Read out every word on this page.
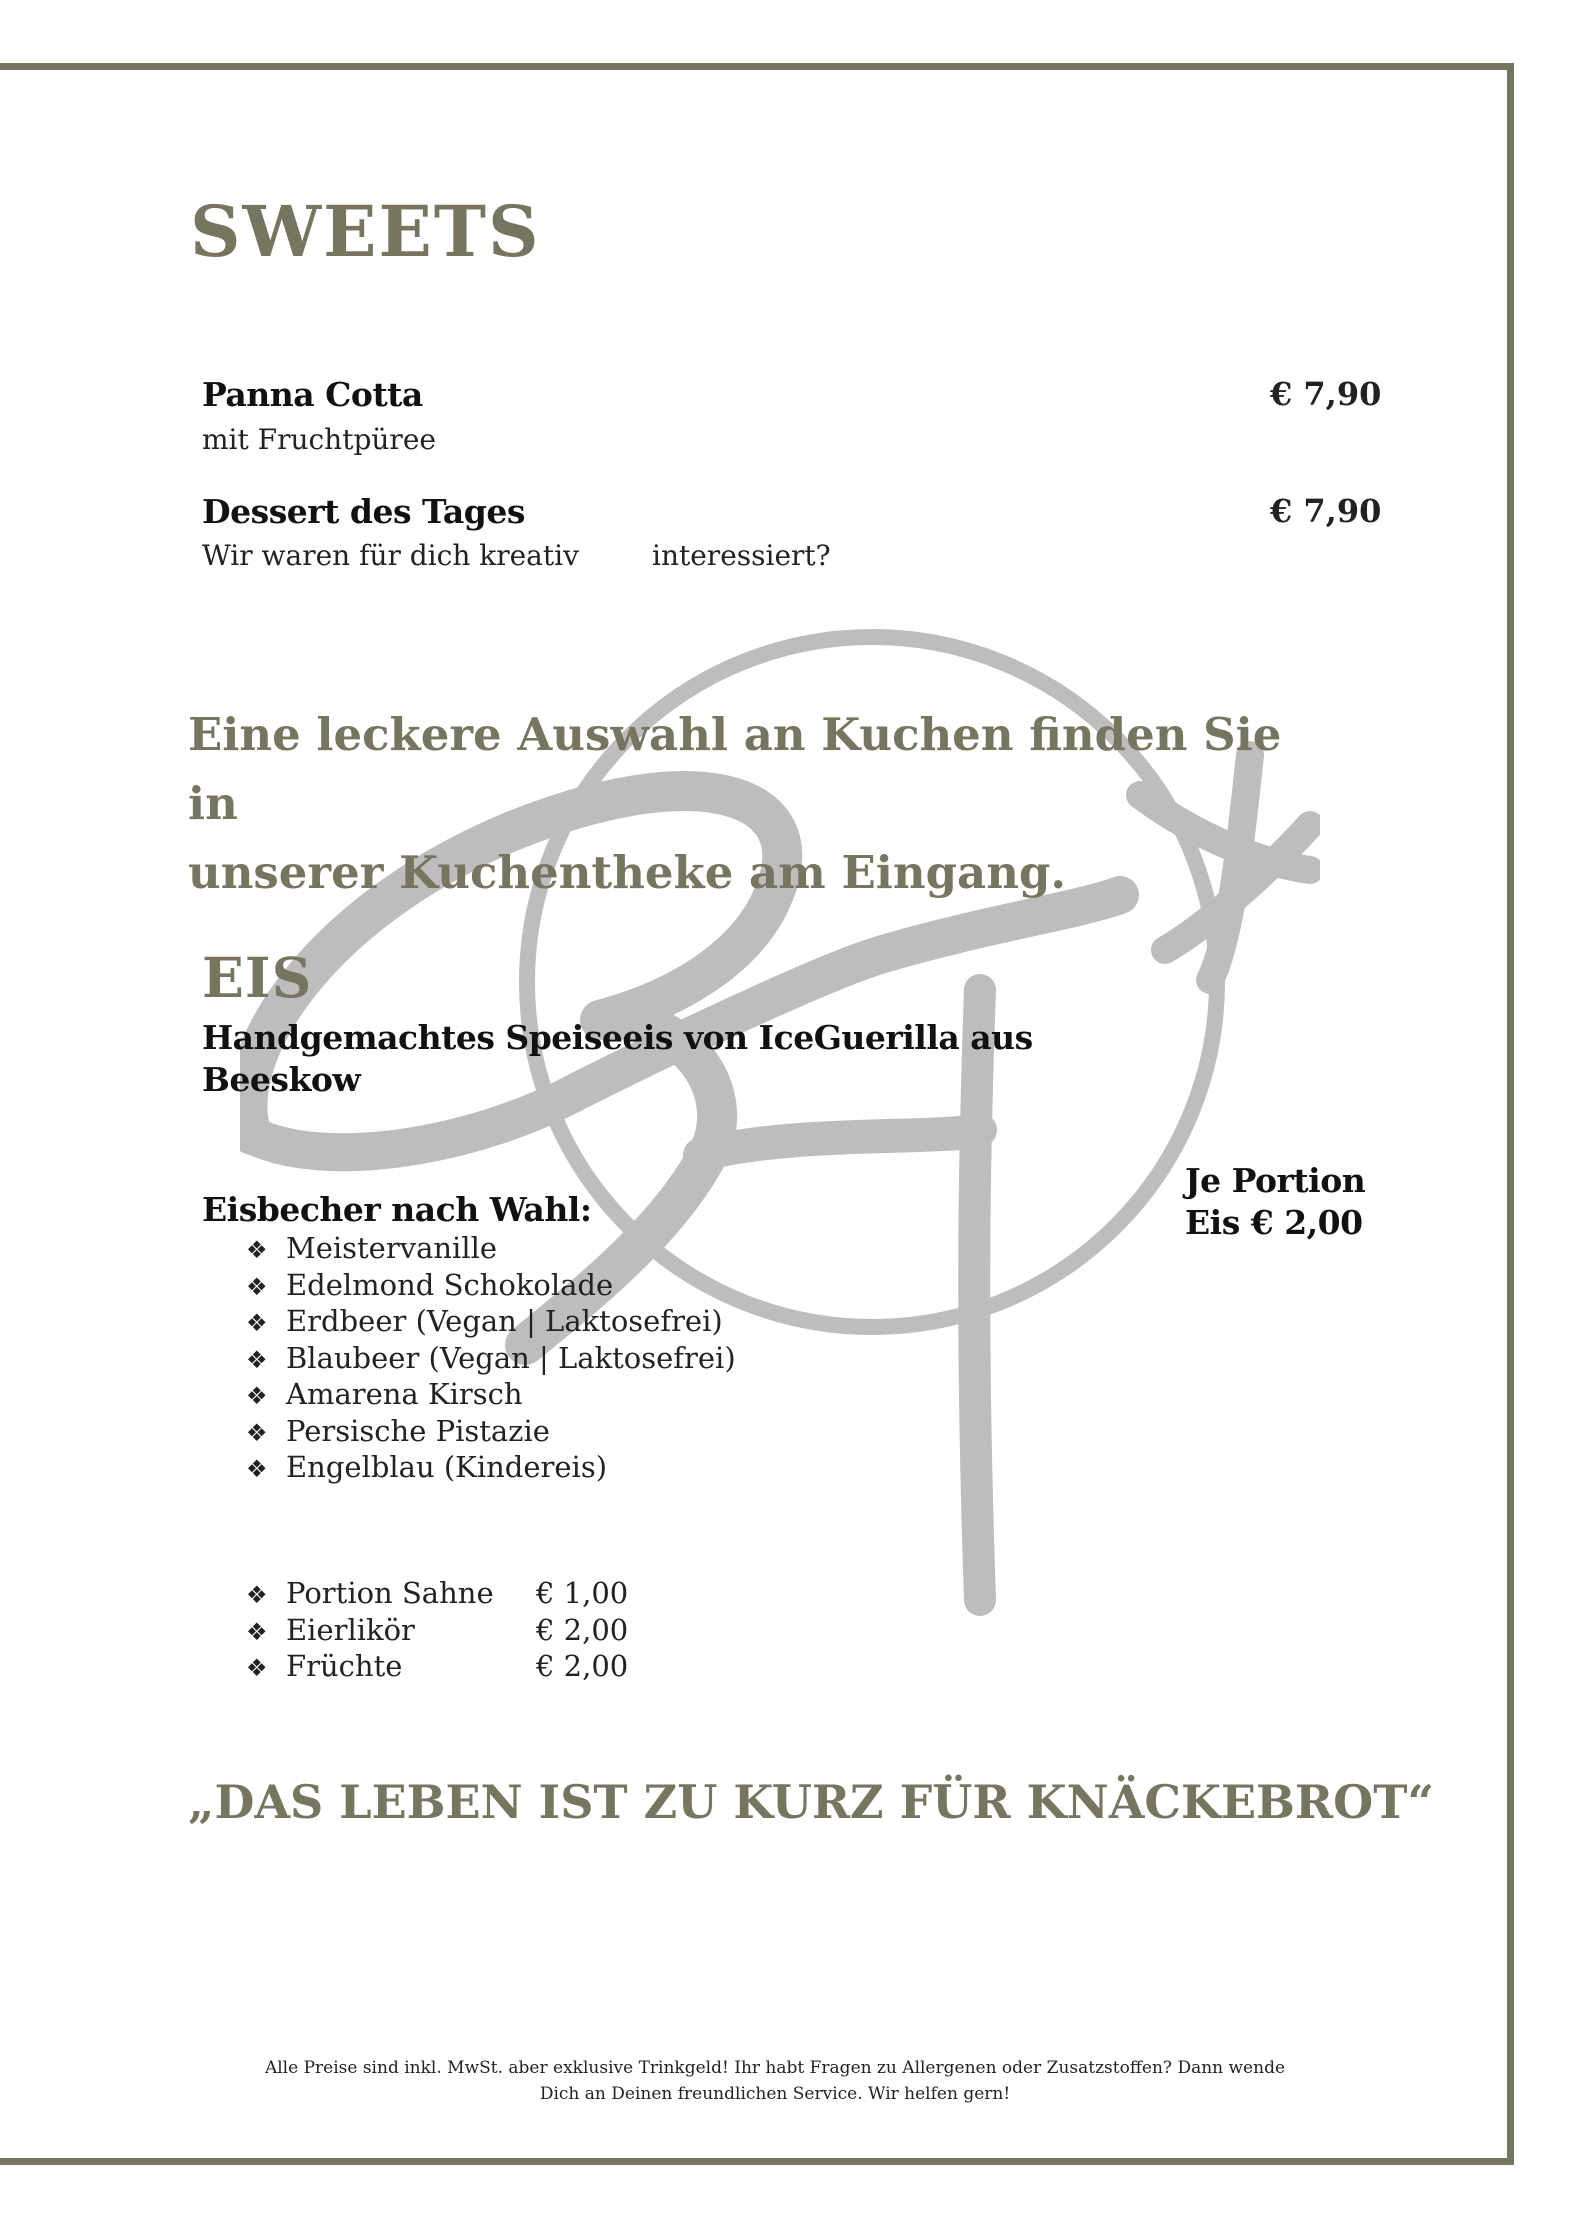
SWEETS
Panna Cotta
mit Fruchtpüree
€ 7,90
Dessert des Tages
Wir waren für dich kreativ	interessiert?
€ 7,90
Eine leckere Auswahl an Kuchen finden Sie in
unserer Kuchentheke am Eingang.
EIS
Handgemachtes Speiseeis von IceGuerilla aus
Beeskow
Je Portion
Eis € 2,00
Eisbecher nach Wahl:
❖ Meistervanille
❖ Edelmond Schokolade
❖ Erdbeer (Vegan | Laktosefrei)
❖ Blaubeer (Vegan | Laktosefrei)
❖ Amarena Kirsch
❖ Persische Pistazie
❖ Engelblau (Kindereis)
❖ Portion Sahne € 1,00
❖ Eierlikör	€ 2,00
❖ Früchte	€ 2,00
„DAS LEBEN IST ZU KURZ FÜR KNÄCKEBROT“
Alle Preise sind inkl. MwSt. aber exklusive Trinkgeld! Ihr habt Fragen zu Allergenen oder Zusatzstoffen? Dann wende
Dich an Deinen freundlichen Service. Wir helfen gern!
